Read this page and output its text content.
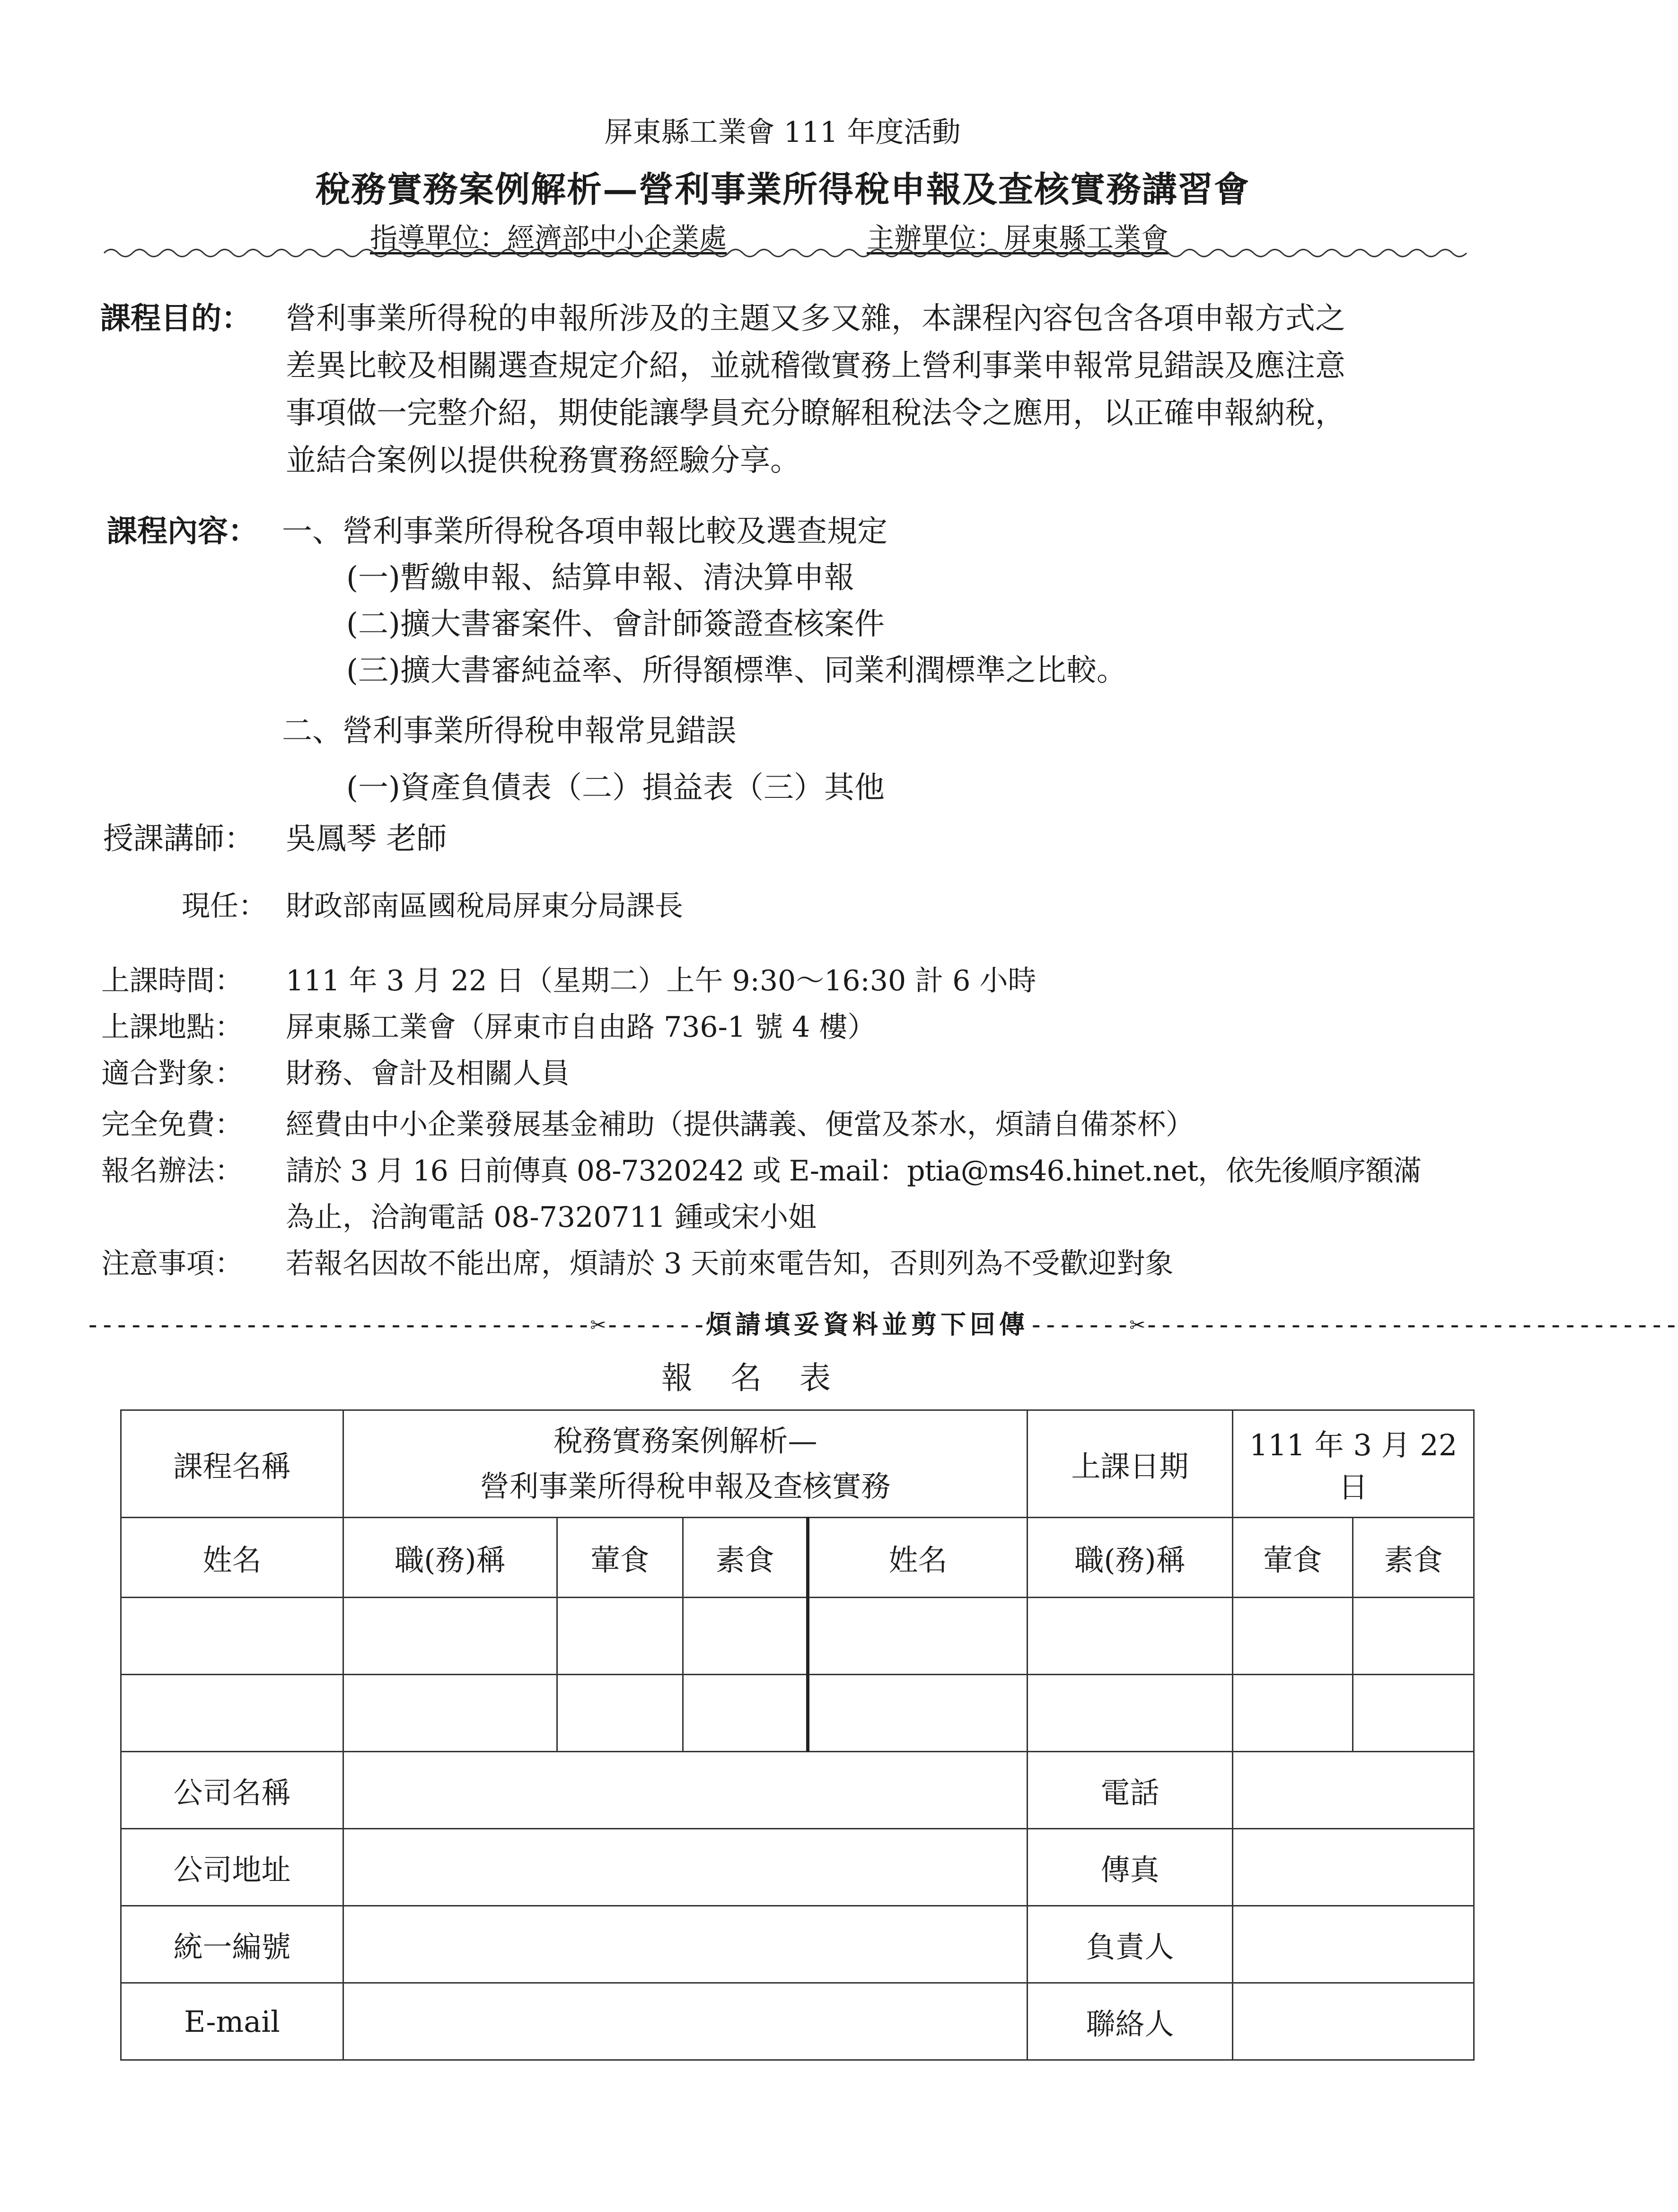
屏東縣工業會 111 年度活動
稅務實務案例解析—營利事業所得稅申報及查核實務講習會
指導單位：經濟部中小企業處	主辦單位：屏東縣工業會
課程目的： 營利事業所得稅的申報所涉及的主題又多又雜，本課程內容包含各項申報方式之
差異比較及相關選查規定介紹，並就稽徵實務上營利事業申報常見錯誤及應注意
事項做一完整介紹，期使能讓學員充分瞭解租稅法令之應用，以正確申報納稅，
並結合案例以提供稅務實務經驗分享。
課程內容： 一、營利事業所得稅各項申報比較及選查規定
(一)暫繳申報、結算申報、清決算申報
(二)擴大書審案件、會計師簽證查核案件
(三)擴大書審純益率、所得額標準、同業利潤標準之比較。
二、營利事業所得稅申報常見錯誤
(一)資產負債表（二）損益表（三）其他
授課講師： 吳鳳琴 老師
現任： 財政部南區國稅局屏東分局課長
上課時間： 111 年 3 月 22 日（星期二）上午 9:30～16:30 計 6 小時
上課地點： 屏東縣工業會（屏東市自由路 736-1 號 4 樓）
適合對象： 財務、會計及相關人員
完全免費： 經費由中小企業發展基金補助（提供講義、便當及茶水，煩請自備茶杯）
報名辦法： 請於 3 月 16 日前傳真 08-7320242 或 E-mail：ptia@ms46.hinet.net，依先後順序額滿
為止，洽詢電話 08-7320711 鍾或宋小姐
注意事項： 若報名因故不能出席，煩請於 3 天前來電告知，否則列為不受歡迎對象
-----------------------------------✂-------煩請填妥資料並剪下回傳-------✂-------------------------------------
報名表
課程名稱	稅務實務案例解析—
營利事業所得稅申報及查核實務				上課日期	111 年 3 月 22 日	
姓名	職(務)稱	葷食	素食	姓名	職(務)稱	葷食	素食

公司名稱					電話		
公司地址					傳真		
統一編號					負責人		
E-mail					聯絡人		
